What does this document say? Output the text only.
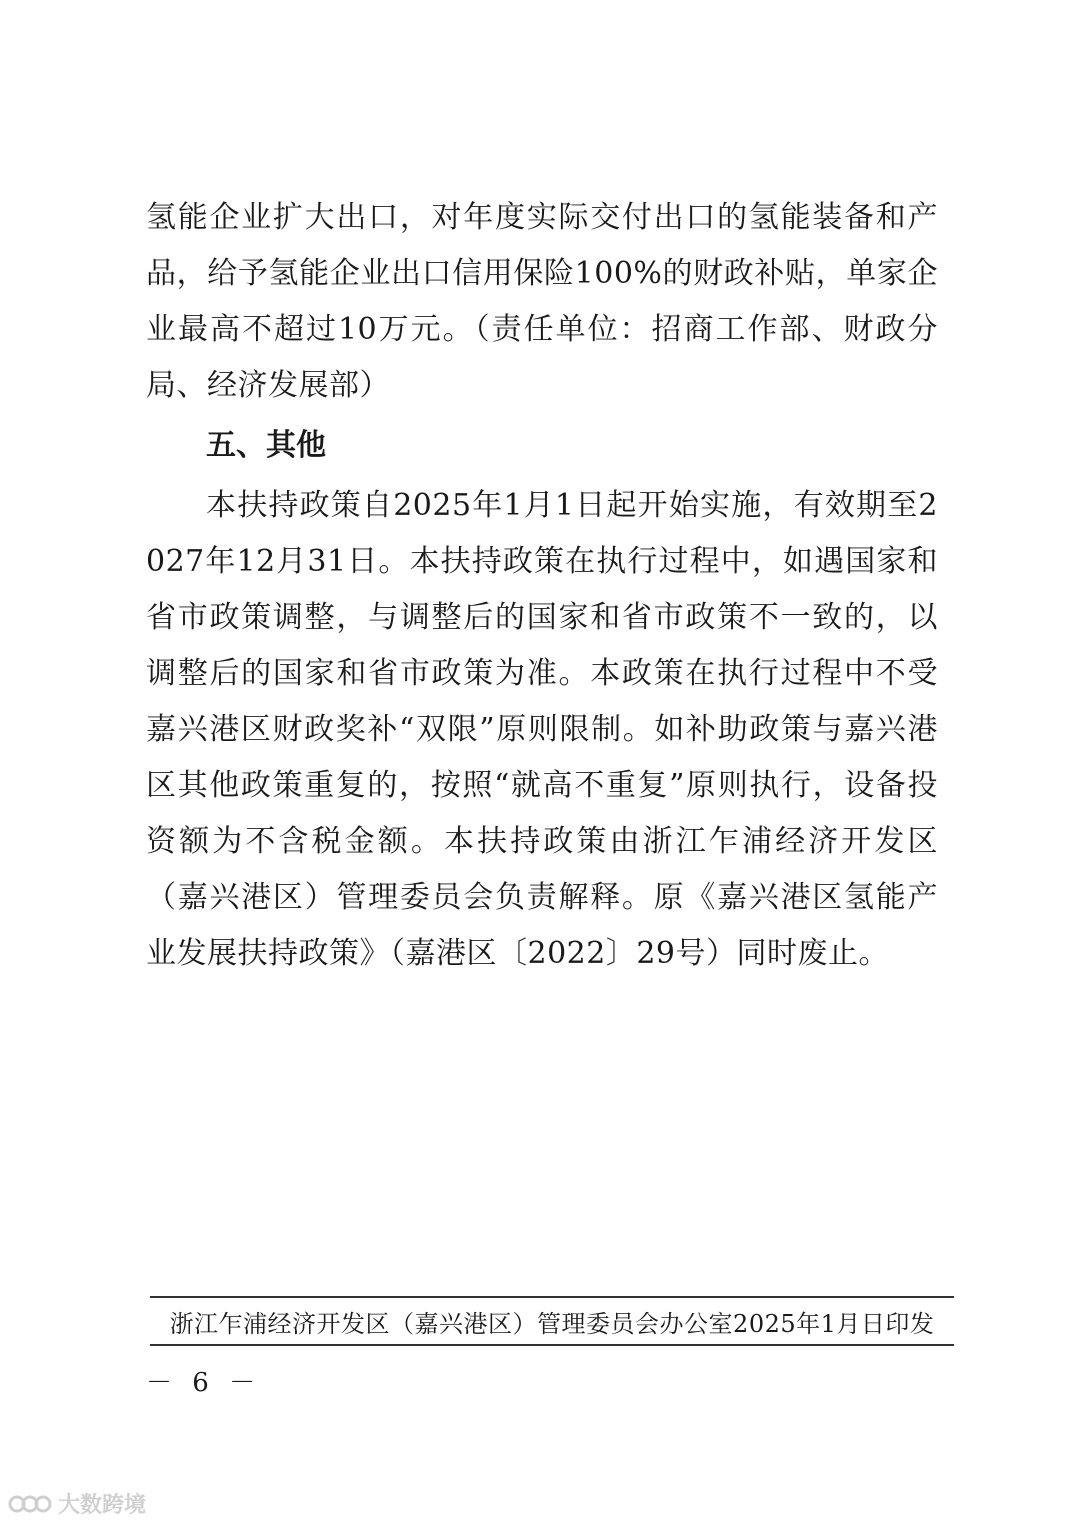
氢能企业扩大出口，对年度实际交付出口的氢能装备和产品，给予氢能企业出口信用保险100%的财政补贴，单家企业最高不超过10万元。（责任单位：招商工作部、财政分局、经济发展部）

五、其他

本扶持政策自2025年1月1日起开始实施，有效期至2027年12月31日。本扶持政策在执行过程中，如遇国家和省市政策调整，与调整后的国家和省市政策不一致的，以调整后的国家和省市政策为准。本政策在执行过程中不受嘉兴港区财政奖补“双限”原则限制。如补助政策与嘉兴港区其他政策重复的，按照“就高不重复”原则执行，设备投资额为不含税金额。本扶持政策由浙江乍浦经济开发区（嘉兴港区）管理委员会负责解释。原《嘉兴港区氢能产业发展扶持政策》（嘉港区〔2022〕29号）同时废止。

浙江乍浦经济开发区（嘉兴港区）管理委员会办公室2025年1月日印发
－ 6 －
大数跨境
